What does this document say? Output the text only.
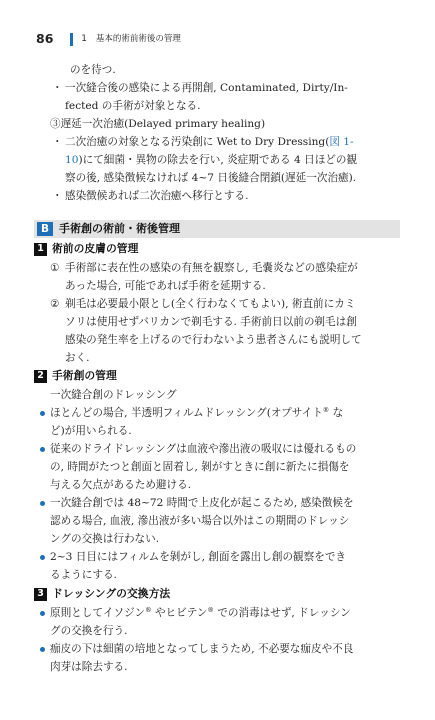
86	1 基本的術前術後の管理
のを待つ.
・ 一次縫合後の感染による再開創, Contaminated, Dirty/In-
fected の手術が対象となる.
③遅延一次治癒(Delayed primary healing)
・ 二次治癒の対象となる汚染創に Wet to Dry Dressing(図 1-
10)にて細菌・異物の除去を行い, 炎症期である 4 日ほどの観
察の後, 感染徴候なければ 4~7 日後縫合閉鎖(遅延一次治癒).
・ 感染徴候あれば二次治癒へ移行とする.
B 手術創の術前・術後管理
1 術前の皮膚の管理
① 手術部に表在性の感染の有無を観察し, 毛嚢炎などの感染症が
あった場合, 可能であれば手術を延期する.
② 剃毛は必要最小限とし(全く行わなくてもよい), 術直前にカミ
ソリは使用せずバリカンで剃毛する. 手術前日以前の剃毛は創
感染の発生率を上げるので行わないよう患者さんにも説明して
おく.
2 手術創の管理
一次縫合創のドレッシング
ほとんどの場合, 半透明フィルムドレッシング(オプサイト® な
ど)が用いられる.
従来のドライドレッシングは血液や滲出液の吸収には優れるもの
の, 時間がたつと創面と固着し, 剝がすときに創に新たに損傷を
与える欠点があるため避ける.
一次縫合創では 48~72 時間で上皮化が起こるため, 感染徴候を
認める場合, 血液, 滲出液が多い場合以外はこの期間のドレッシ
ングの交換は行わない.
2~3 日目にはフィルムを剝がし, 創面を露出し創の観察をでき
るようにする.
3 ドレッシングの交換方法
原則としてイソジン® やヒビテン® での消毒はせず, ドレッシン
グの交換を行う.
痂皮の下は細菌の培地となってしまうため, 不必要な痂皮や不良
肉芽は除去する.
